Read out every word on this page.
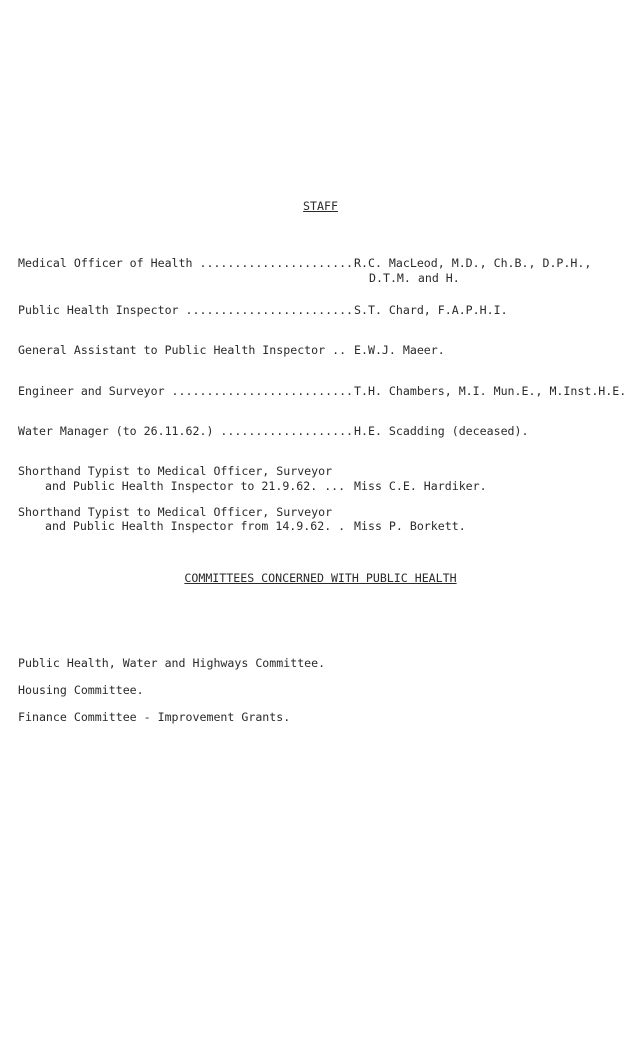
STAFF
Medical Officer of Health ...................... R.C. MacLeod, M.D., Ch.B., D.P.H.,
D.T.M. and H.
Public Health Inspector ........................ S.T. Chard, F.A.P.H.I.
General Assistant to Public Health Inspector .. E.W.J. Maeer.
Engineer and Surveyor .......................... T.H. Chambers, M.I. Mun.E., M.Inst.H.E.
Water Manager (to 26.11.62.) ................... H.E. Scadding (deceased).
Shorthand Typist to Medical Officer, Surveyor
and Public Health Inspector to 21.9.62. ... Miss C.E. Hardiker.
Shorthand Typist to Medical Officer, Surveyor
and Public Health Inspector from 14.9.62. . Miss P. Borkett.
COMMITTEES CONCERNED WITH PUBLIC HEALTH
Public Health, Water and Highways Committee.
Housing Committee.
Finance Committee - Improvement Grants.
